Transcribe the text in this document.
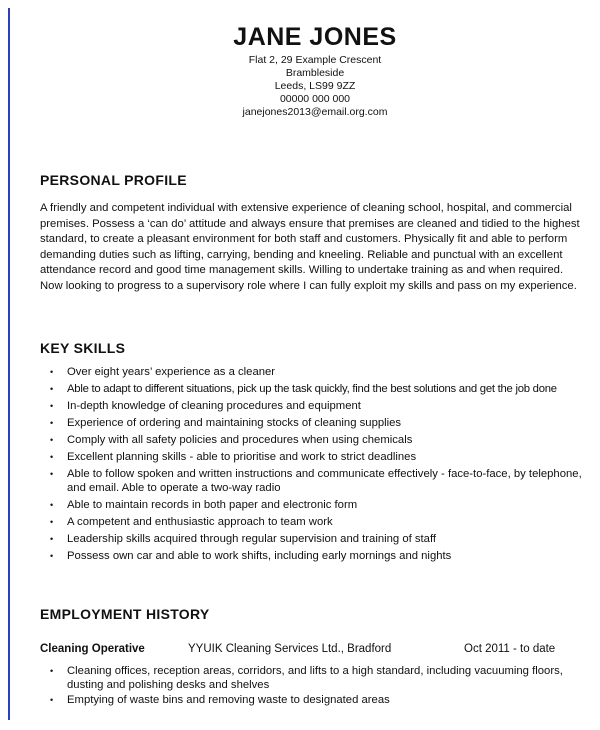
JANE JONES
Flat 2, 29 Example Crescent
Brambleside
Leeds, LS99 9ZZ
00000 000 000
janejones2013@email.org.com
PERSONAL PROFILE
A friendly and competent individual with extensive experience of cleaning school, hospital, and commercial premises. Possess a ‘can do’ attitude and always ensure that premises are cleaned and tidied to the highest standard, to create a pleasant environment for both staff and customers. Physically fit and able to perform demanding duties such as lifting, carrying, bending and kneeling. Reliable and punctual with an excellent attendance record and good time management skills. Willing to undertake training as and when required. Now looking to progress to a supervisory role where I can fully exploit my skills and pass on my experience.
KEY SKILLS
• Over eight years’ experience as a cleaner
• Able to adapt to different situations, pick up the task quickly, find the best solutions and get the job done
• In-depth knowledge of cleaning procedures and equipment
• Experience of ordering and maintaining stocks of cleaning supplies
• Comply with all safety policies and procedures when using chemicals
• Excellent planning skills - able to prioritise and work to strict deadlines
• Able to follow spoken and written instructions and communicate effectively - face-to-face, by telephone, and email. Able to operate a two-way radio
• Able to maintain records in both paper and electronic form
• A competent and enthusiastic approach to team work
• Leadership skills acquired through regular supervision and training of staff
• Possess own car and able to work shifts, including early mornings and nights
EMPLOYMENT HISTORY
Cleaning Operative	YYUIK Cleaning Services Ltd., Bradford	Oct 2011 - to date
• Cleaning offices, reception areas, corridors, and lifts to a high standard, including vacuuming floors, dusting and polishing desks and shelves
• Emptying of waste bins and removing waste to designated areas
